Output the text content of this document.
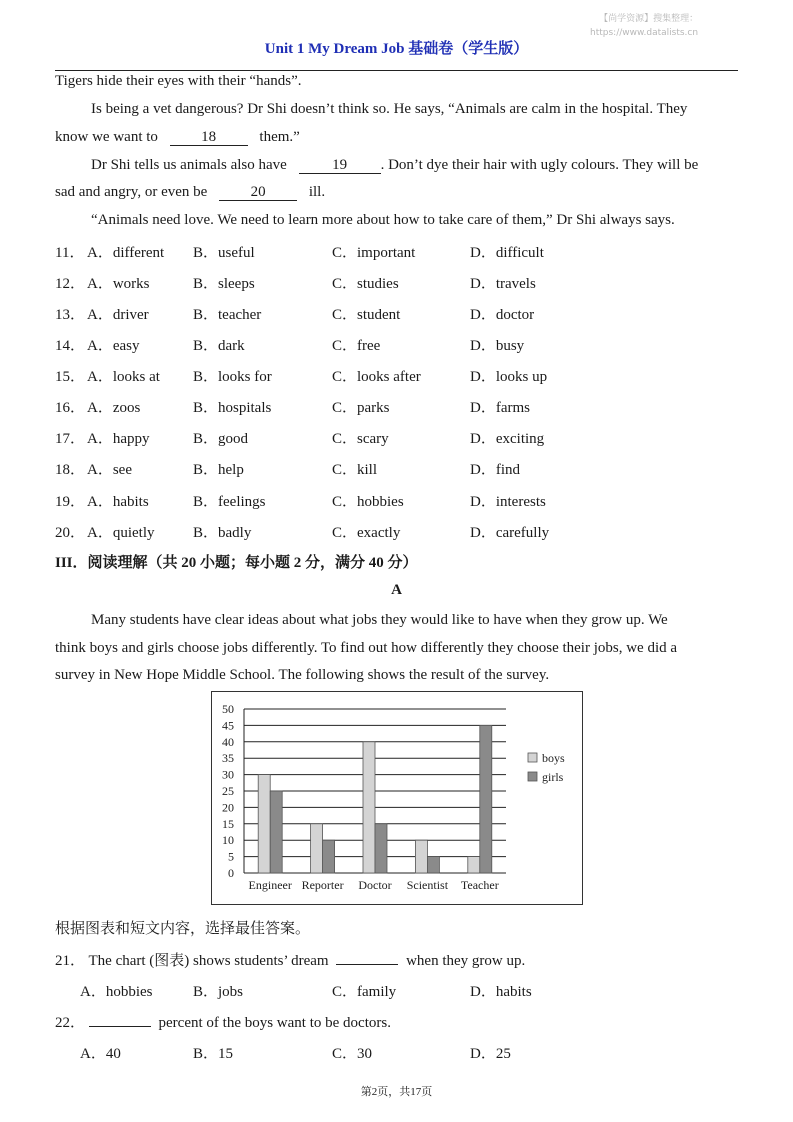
【尚学资源】搜集整理：
https://www.datalists.cn
Unit 1 My Dream Job 基础卷（学生版）
Tigers hide their eyes with their “hands”.
Is being a vet dangerous? Dr Shi doesn’t think so. He says, “Animals are calm in the hospital. They
know we want to	18	them.”
Dr Shi tells us animals also have	19 . Don’t dye their hair with ugly colours. They will be
sad and angry, or even be	20	ill.
“Animals need love. We need to learn more about how to take care of them,” Dr Shi always says.
11． A．different B．useful	C．important	D．difficult
12． A．works	B．sleeps	C．studies	D．travels
13． A．driver	B．teacher	C．student	D．doctor
14． A．easy	B．dark	C．free	D．busy
15． A．looks at B．looks for	C．looks after	D．looks up
16． A．zoos	B．hospitals	C．parks	D．farms
17． A．happy	B．good	C．scary	D．exciting
18． A．see	B．help	C．kill	D．find
19． A．habits	B．feelings	C．hobbies	D．interests
20． A．quietly	B．badly	C．exactly	D．carefully
III．阅读理解（共 20 小题；每小题 2 分，满分 40 分）
A
Many students have clear ideas about what jobs they would like to have when they grow up. We
think boys and girls choose jobs differently. To find out how differently they choose their jobs, we did a
survey in New Hope Middle School. The following shows the result of the survey.
0
5
10
15
20
25
30
35
40
45
50
Engineer Reporter Doctor Scientist Teacher
boys
girls
根据图表和短文内容，选择最佳答案。
21． The chart (图表) shows students’ dream	when they grow up.
A．hobbies	B．jobs	C．family	D．habits
22．	percent of the boys want to be doctors.
A．40	B．15	C．30	D．25
第2页，共17页
